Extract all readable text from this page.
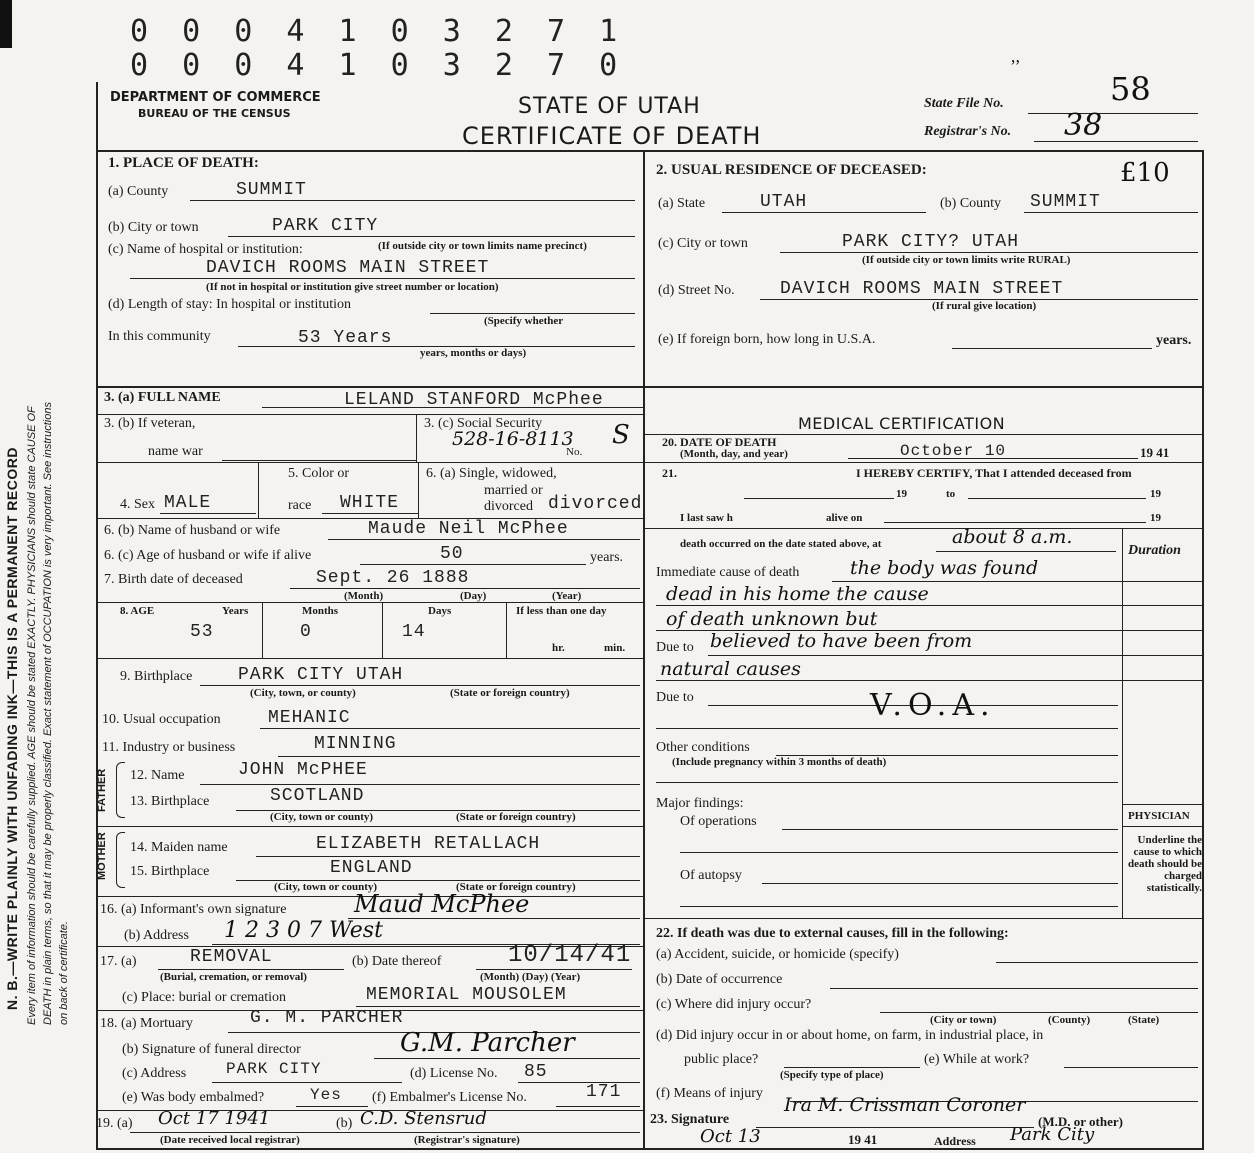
0 0 0 4 1 0 3 2 7 1
0 0 0 4 1 0 3 2 7 0
N. B.—WRITE PLAINLY WITH UNFADING INK—THIS IS A PERMANENT RECORD Every item of information should be carefully supplied. AGE should be stated EXACTLY. PHYSICIANS should state CAUSE OF DEATH in plain terms, so that it may be properly classified. Exact statement of OCCUPATION is very important. See instructions on back of certificate.
DEPARTMENT OF COMMERCE
BUREAU OF THE CENSUS	STATE OF UTAH
CERTIFICATE OF DEATH
State File No.	58
Registrar's No. 38
’’
1. PLACE OF DEATH:
(a) County	SUMMIT
(b) City or town	PARK CITY
(c) Name of hospital or institution:	(If outside city or town limits name precinct)
DAVICH ROOMS MAIN STREET
(If not in hospital or institution give street number or location)
(d) Length of stay: In hospital or institution
(Specify whether
In this community	53 Years
years, months or days)
2. USUAL RESIDENCE OF DECEASED:	£10
(a) State	UTAH	(b) County SUMMIT
(c) City or town	PARK CITY? UTAH
(If outside city or town limits write RURAL)
(d) Street No.	DAVICH ROOMS MAIN STREET
(If rural give location)
(e) If foreign born, how long in U.S.A.	years.
3. (a) FULL NAME	LELAND STANFORD McPhee
3. (b) If veteran,
name war
3. (c) Social Security
528-16-8113 S
No.
4. Sex MALE
5. Color or
race WHITE
6. (a) Single, widowed,
married or
divorced divorced
6. (b) Name of husband or wife	Maude Neil McPhee
6. (c) Age of husband or wife if alive	50	years.
7. Birth date of deceased	Sept. 26 1888
(Month)	(Day)	(Year)
8. AGE	Years	Months	Days	If less than one day
53	0	14
hr.	min.
9. Birthplace	PARK CITY UTAH
(City, town, or county)	(State or foreign country)
10. Usual occupation	MEHANIC
11. Industry or business	MINNING
FATHER 12. Name	JOHN McPHEE
13. Birthplace	SCOTLAND
(City, town or county)	(State or foreign country)
MOTHER 14. Maiden name	ELIZABETH RETALLACH
15. Birthplace	ENGLAND
(City, town or county)	(State or foreign country)
16. (a) Informant's own signature	Maud McPhee
(b) Address 1 2 3 0 7 West
17. (a)	REMOVAL
(Burial, cremation, or removal)
(b) Date thereof	10/14/41
(Month) (Day) (Year)
(c) Place: burial or cremation	MEMORIAL MOUSOLEM
18. (a) Mortuary	G. M. PARCHER
(b) Signature of funeral director	G.M. Parcher
(c) Address PARK CITY	(d) License No. 85
(e) Was body embalmed?	Yes (f) Embalmer's License No.	171
19. (a) Oct 17 1941	(b) C.D. Stensrud
(Date received local registrar)	(Registrar's signature)
MEDICAL CERTIFICATION
20. DATE OF DEATH
(Month, day, and year)	October 10	19 41
21.	I HEREBY CERTIFY, That I attended deceased from
19	to	19
I last saw h	alive on	19
death occurred on the date stated above, at	about 8 a.m.
Duration
Immediate cause of death	the body was found
dead in his home the cause
of death unknown but
Due to believed to have been from
natural causes
Due to	V.O.A.
Other conditions
(Include pregnancy within 3 months of death)
Major findings:
Of operations
Of autopsy
PHYSICIAN
Underline the cause to which death should be charged statistically.
22. If death was due to external causes, fill in the following:
(a) Accident, suicide, or homicide (specify)
(b) Date of occurrence
(c) Where did injury occur?
(City or town)	(County)	(State)
(d) Did injury occur in or about home, on farm, in industrial place, in
public place?
(Specify type of place)
(e) While at work?
(f) Means of injury
23. Signature
Ira M. Crissman Coroner
(M.D. or other)
Oct 13	19 41	Address Park City
